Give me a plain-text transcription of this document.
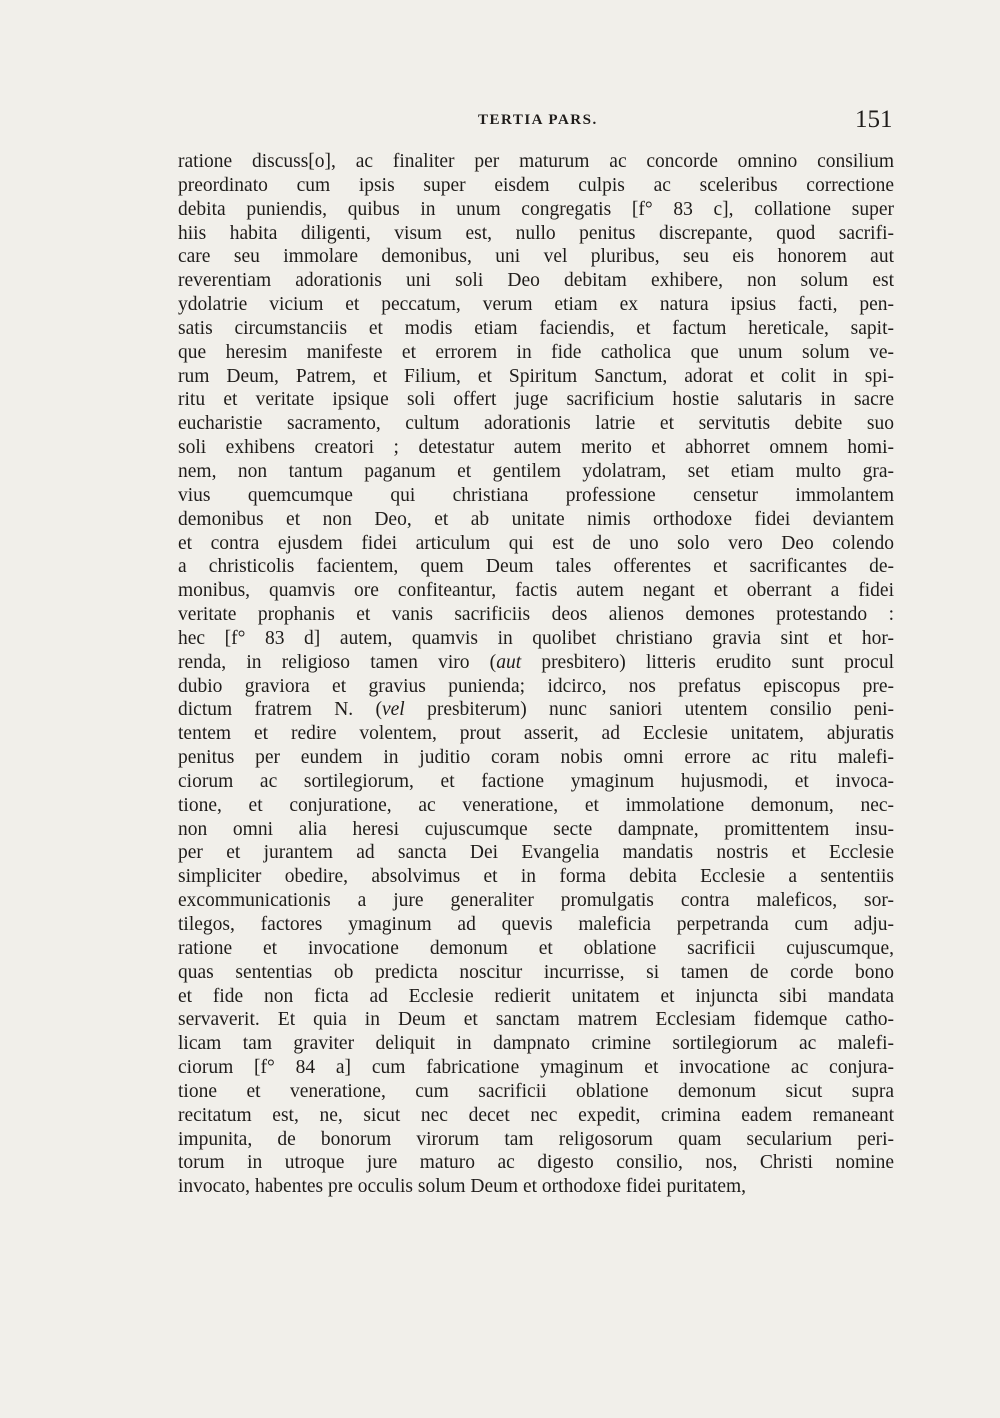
TERTIA PARS.	151
ratione discuss[o], ac finaliter per maturum ac concorde omnino consilium
preordinato cum ipsis super eisdem culpis ac sceleribus correctione
debita puniendis, quibus in unum congregatis [f° 83 c], collatione super
hiis habita diligenti, visum est, nullo penitus discrepante, quod sacrifi-
care seu immolare demonibus, uni vel pluribus, seu eis honorem aut
reverentiam adorationis uni soli Deo debitam exhibere, non solum est
ydolatrie vicium et peccatum, verum etiam ex natura ipsius facti, pen-
satis circumstanciis et modis etiam faciendis, et factum hereticale, sapit-
que heresim manifeste et errorem in fide catholica que unum solum ve-
rum Deum, Patrem, et Filium, et Spiritum Sanctum, adorat et colit in spi-
ritu et veritate ipsique soli offert juge sacrificium hostie salutaris in sacre
eucharistie sacramento, cultum adorationis latrie et servitutis debite suo
soli exhibens creatori ; detestatur autem merito et abhorret omnem homi-
nem, non tantum paganum et gentilem ydolatram, set etiam multo gra-
vius quemcumque qui christiana professione censetur immolantem
demonibus et non Deo, et ab unitate nimis orthodoxe fidei deviantem
et contra ejusdem fidei articulum qui est de uno solo vero Deo colendo
a christicolis facientem, quem Deum tales offerentes et sacrificantes de-
monibus, quamvis ore confiteantur, factis autem negant et oberrant a fidei
veritate prophanis et vanis sacrificiis deos alienos demones protestando :
hec [f° 83 d] autem, quamvis in quolibet christiano gravia sint et hor-
renda, in religioso tamen viro (aut presbitero) litteris erudito sunt procul
dubio graviora et gravius punienda; idcirco, nos prefatus episcopus pre-
dictum fratrem N. (vel presbiterum) nunc saniori utentem consilio peni-
tentem et redire volentem, prout asserit, ad Ecclesie unitatem, abjuratis
penitus per eundem in juditio coram nobis omni errore ac ritu malefi-
ciorum ac sortilegiorum, et factione ymaginum hujusmodi, et invoca-
tione, et conjuratione, ac veneratione, et immolatione demonum, nec-
non omni alia heresi cujuscumque secte dampnate, promittentem insu-
per et jurantem ad sancta Dei Evangelia mandatis nostris et Ecclesie
simpliciter obedire, absolvimus et in forma debita Ecclesie a sententiis
excommunicationis a jure generaliter promulgatis contra maleficos, sor-
tilegos, factores ymaginum ad quevis maleficia perpetranda cum adju-
ratione et invocatione demonum et oblatione sacrificii cujuscumque,
quas sententias ob predicta noscitur incurrisse, si tamen de corde bono
et fide non ficta ad Ecclesie redierit unitatem et injuncta sibi mandata
servaverit. Et quia in Deum et sanctam matrem Ecclesiam fidemque catho-
licam tam graviter deliquit in dampnato crimine sortilegiorum ac malefi-
ciorum [f° 84 a] cum fabricatione ymaginum et invocatione ac conjura-
tione et veneratione, cum sacrificii oblatione demonum sicut supra
recitatum est, ne, sicut nec decet nec expedit, crimina eadem remaneant
impunita, de bonorum virorum tam religosorum quam secularium peri-
torum in utroque jure maturo ac digesto consilio, nos, Christi nomine
invocato, habentes pre occulis solum Deum et orthodoxe fidei puritatem,
